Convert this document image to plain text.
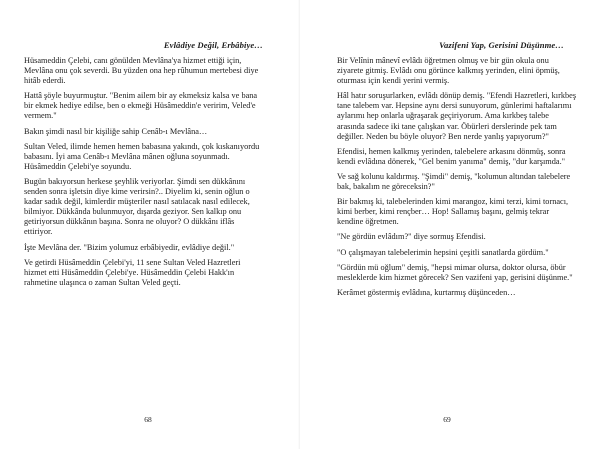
Evlâdiye Değil, Erbâbiye…

Hüsameddin Çelebi, canı gönülden Mevlâna'ya hizmet ettiği için, Mevlâna onu çok severdi. Bu yüzden ona hep rûhumun mertebesi diye hitâb ederdi.

Hattâ şöyle buyurmuştur. "Benim ailem bir ay ekmeksiz kalsa ve bana bir ekmek hediye edilse, ben o ekmeği Hüsâmeddin'e veririm, Veled'e vermem."

Bakın şimdi nasıl bir kişiliğe sahip Cenâb-ı Mevlâna…

Sultan Veled, ilimde hemen hemen babasına yakındı, çok kıskanıyordu babasını. İyi ama Cenâb-ı Mevlâna mânen oğluna soyunmadı. Hüsâmeddin Çelebi'ye soyundu.

Bugün bakıyorsun herkese şeyhlik veriyorlar. Şimdi sen dükkânını senden sonra işletsin diye kime verirsin?.. Diyelim ki, senin oğlun o kadar sadık değil, kimlerdir müşteriler nasıl satılacak nasıl edilecek, bilmiyor. Dükkânda bulunmuyor, dışarda geziyor. Sen kalkıp onu getiriyorsun dükkânın başına. Sonra ne oluyor? O dükkânı iflâs ettiriyor.

İşte Mevlâna der. "Bizim yolumuz erbâbiyedir, evlâdiye değil."

Ve getirdi Hüsâmeddin Çelebi'yi, 11 sene Sultan Veled Hazretleri hizmet etti Hüsâmeddin Çelebi'ye. Hüsâmeddin Çelebi Hakk'ın rahmetine ulaşınca o zaman Sultan Veled geçti.

68
Vazifeni Yap, Gerisini Düşünme…

Bir Velînin mânevî evlâdı öğretmen olmuş ve bir gün okula onu ziyarete gitmiş. Evlâdı onu görünce kalkmış yerinden, elini öpmüş, oturması için kendi yerini vermiş.

Hâl hatır soruşurlarken, evlâdı dönüp demiş. "Efendi Hazretleri, kırkbeş tane talebem var. Hepsine aynı dersi sunuyorum, günlerimi haftalarımı aylarımı hep onlarla uğraşarak geçiriyorum. Ama kırkbeş talebe arasında sadece iki tane çalışkan var. Öbürleri derslerinde pek tam değiller. Neden bu böyle oluyor? Ben nerde yanlış yapıyorum?"

Efendisi, hemen kalkmış yerinden, talebelere arkasını dönmüş, sonra kendi evlâdına dönerek, "Gel benim yanıma" demiş, "dur karşımda."

Ve sağ kolunu kaldırmış. "Şimdi" demiş, "kolumun altından talebelere bak, bakalım ne göreceksin?"

Bir bakmış ki, talebelerinden kimi marangoz, kimi terzi, kimi tornacı, kimi berber, kimi rençber… Hop! Sallamış başını, gelmiş tekrar kendine öğretmen.

"Ne gördün evlâdım?" diye sormuş Efendisi.

"O çalışmayan talebelerimin hepsini çeşitli sanatlarda gördüm."

"Gördün mü oğlum" demiş, "hepsi mimar olursa, doktor olursa, öbür mesleklerde kim hizmet görecek? Sen vazifeni yap, gerisini düşünme."

Kerâmet göstermiş evlâdına, kurtarmış düşünceden…

69
